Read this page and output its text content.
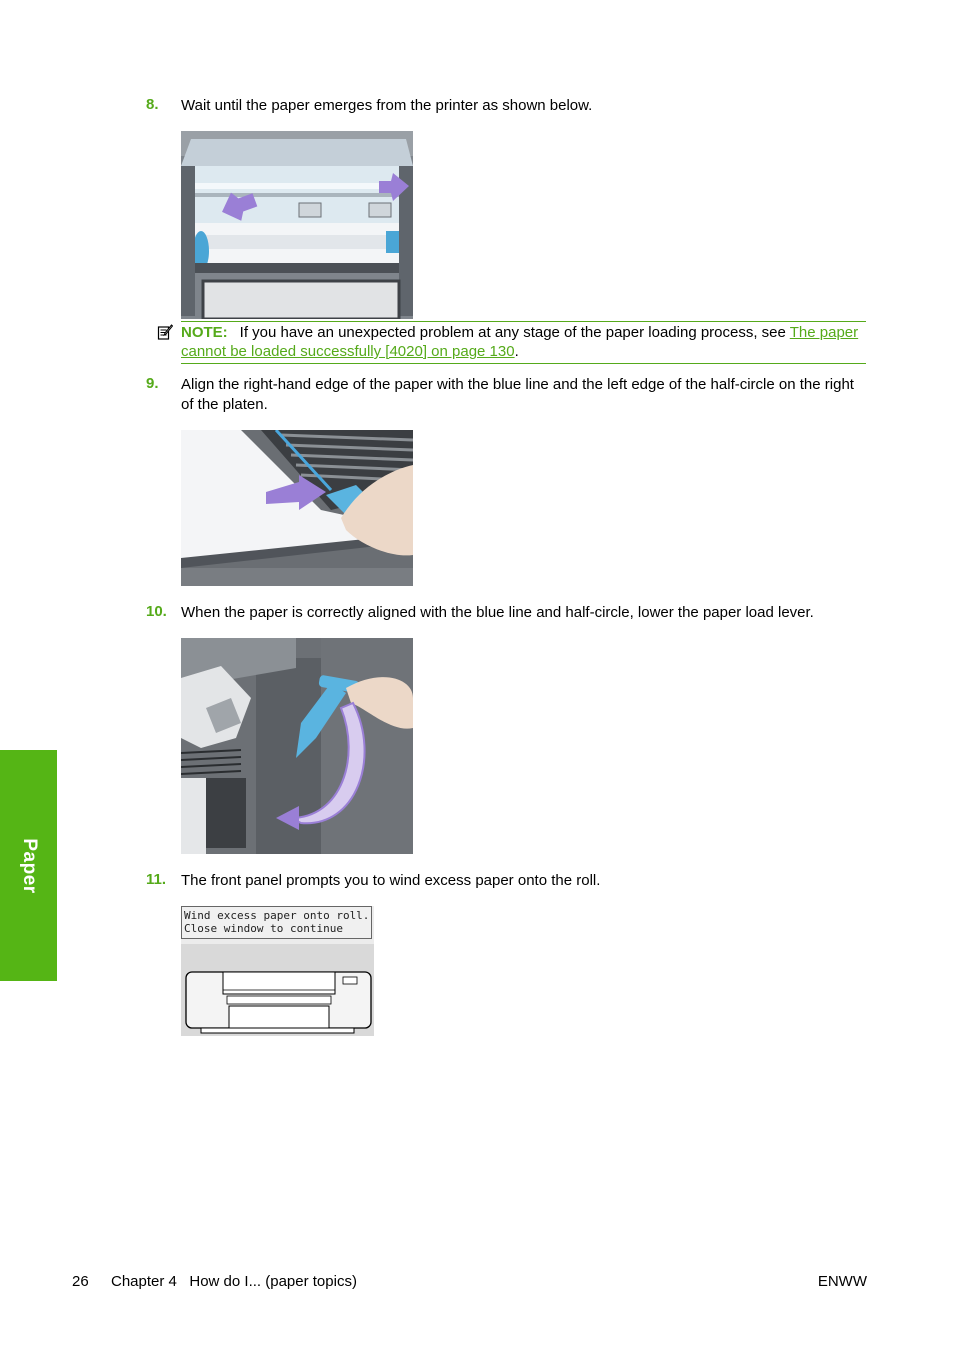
8. Wait until the paper emerges from the printer as shown below.
NOTE: If you have an unexpected problem at any stage of the paper loading process, see The paper cannot be loaded successfully [4020] on page 130.
9. Align the right-hand edge of the paper with the blue line and the left edge of the half-circle on the right of the platen.
10. When the paper is correctly aligned with the blue line and half-circle, lower the paper load lever.
11. The front panel prompts you to wind excess paper onto the roll.
Wind excess paper onto roll.
Close window to continue
Paper
26 Chapter 4   How do I... (paper topics)	ENWW
